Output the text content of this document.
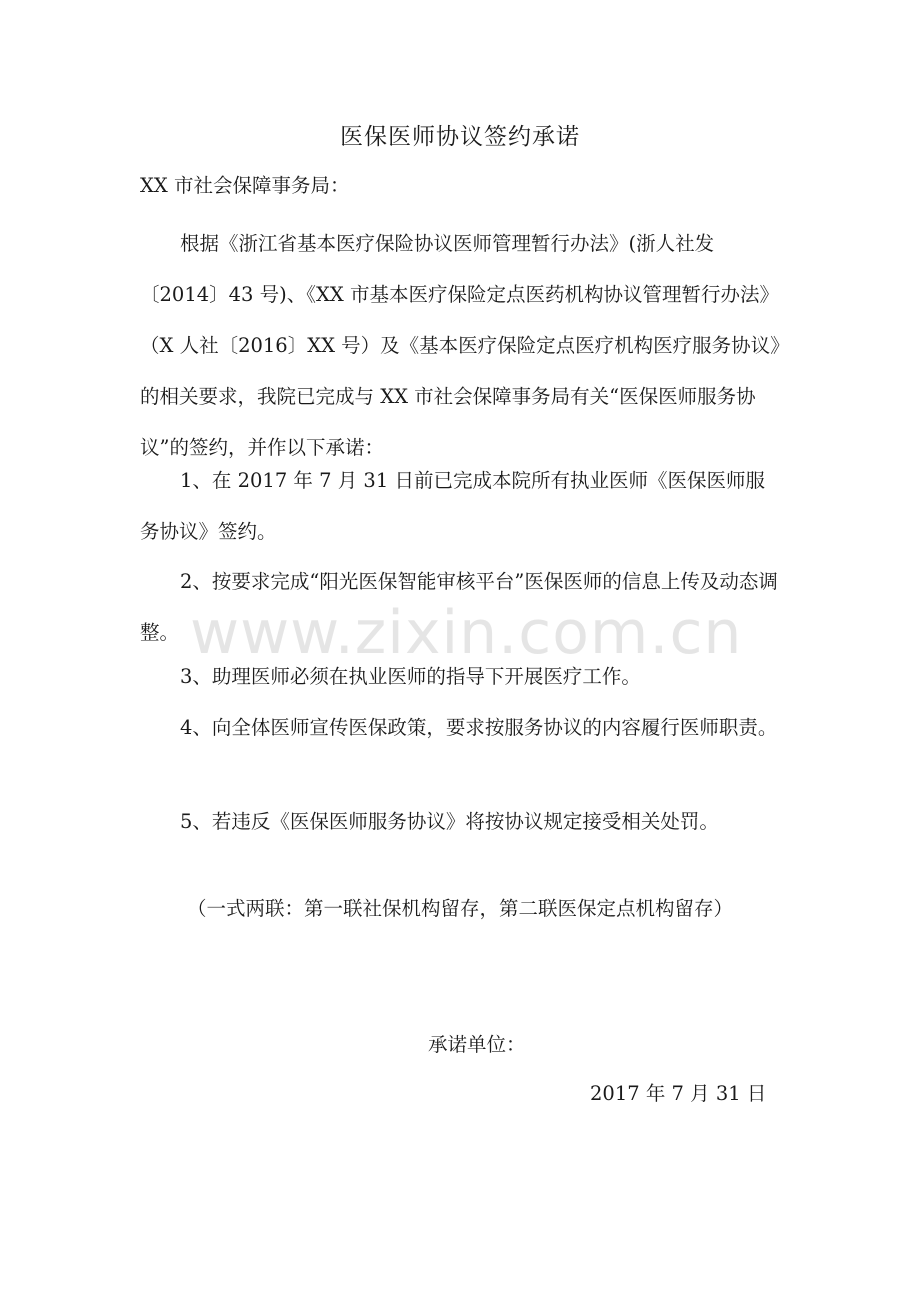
医保医师协议签约承诺
XX 市社会保障事务局：

根据《浙江省基本医疗保险协议医师管理暂行办法》(浙人社发〔2014〕43 号)、《XX 市基本医疗保险定点医药机构协议管理暂行办法》（X 人社〔2016〕XX 号）及《基本医疗保险定点医疗机构医疗服务协议》的相关要求，我院已完成与 XX 市社会保障事务局有关“医保医师服务协议”的签约，并作以下承诺：

1、在 2017 年 7 月 31 日前已完成本院所有执业医师《医保医师服务协议》签约。

2、按要求完成“阳光医保智能审核平台”医保医师的信息上传及动态调整。

3、助理医师必须在执业医师的指导下开展医疗工作。

4、向全体医师宣传医保政策，要求按服务协议的内容履行医师职责。

5、若违反《医保医师服务协议》将按协议规定接受相关处罚。

（一式两联：第一联社保机构留存，第二联医保定点机构留存）
承诺单位：
2017 年 7 月 31 日
www.zixin.com.cn
